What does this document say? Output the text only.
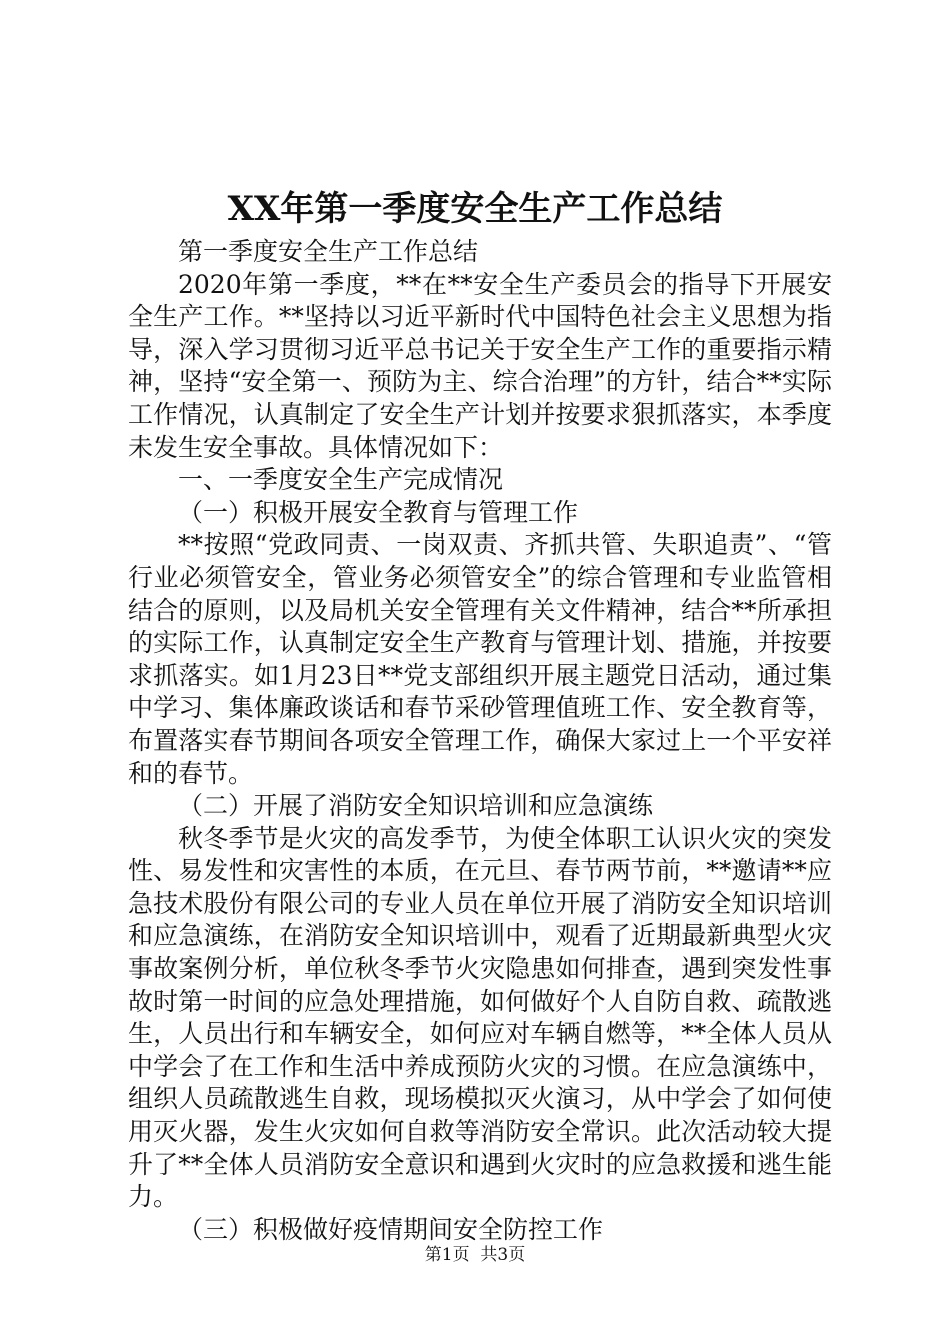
XX年第一季度安全生产工作总结

第一季度安全生产工作总结

2020年第一季度，**在**安全生产委员会的指导下开展安全生产工作。**坚持以习近平新时代中国特色社会主义思想为指导，深入学习贯彻习近平总书记关于安全生产工作的重要指示精神，坚持“安全第一、预防为主、综合治理”的方针，结合**实际工作情况，认真制定了安全生产计划并按要求狠抓落实，本季度未发生安全事故。具体情况如下：

一、一季度安全生产完成情况

（一）积极开展安全教育与管理工作

**按照“党政同责、一岗双责、齐抓共管、失职追责”、“管行业必须管安全，管业务必须管安全”的综合管理和专业监管相结合的原则，以及局机关安全管理有关文件精神，结合**所承担的实际工作，认真制定安全生产教育与管理计划、措施，并按要求抓落实。如1月23日**党支部组织开展主题党日活动，通过集中学习、集体廉政谈话和春节采砂管理值班工作、安全教育等，布置落实春节期间各项安全管理工作，确保大家过上一个平安祥和的春节。

（二）开展了消防安全知识培训和应急演练

秋冬季节是火灾的高发季节，为使全体职工认识火灾的突发性、易发性和灾害性的本质，在元旦、春节两节前，**邀请**应急技术股份有限公司的专业人员在单位开展了消防安全知识培训和应急演练，在消防安全知识培训中，观看了近期最新典型火灾事故案例分析，单位秋冬季节火灾隐患如何排查，遇到突发性事故时第一时间的应急处理措施，如何做好个人自防自救、疏散逃生，人员出行和车辆安全，如何应对车辆自燃等，**全体人员从中学会了在工作和生活中养成预防火灾的习惯。在应急演练中，组织人员疏散逃生自救，现场模拟灭火演习，从中学会了如何使用灭火器，发生火灾如何自救等消防安全常识。此次活动较大提升了**全体人员消防安全意识和遇到火灾时的应急救援和逃生能力。

（三）积极做好疫情期间安全防控工作

第1页 共3页
